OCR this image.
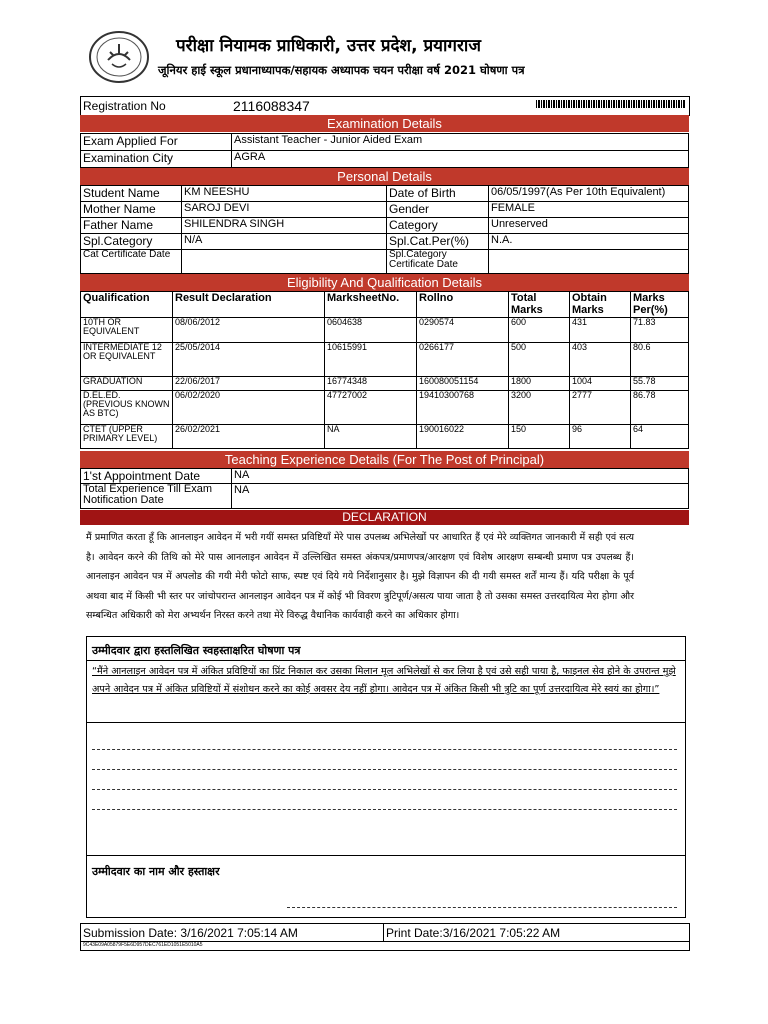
परीक्षा नियामक प्राधिकारी, उत्तर प्रदेश, प्रयागराज
जूनियर हाई स्कूल प्रधानाध्यापक/सहायक अध्यापक चयन परीक्षा वर्ष 2021 घोषणा पत्र
Registration No	2116088347
Examination Details
Exam Applied For	Assistant Teacher - Junior Aided Exam
Examination City	AGRA
Personal Details
Student Name	KM NEESHU	Date of Birth	06/05/1997(As Per 10th Equivalent)
Mother Name	SAROJ DEVI	Gender	FEMALE
Father Name	SHILENDRA SINGH	Category	Unreserved
Spl.Category	N/A	Spl.Cat.Per(%)	N.A.
Cat Certificate Date		Spl.Category Certificate Date	
Eligibility And Qualification Details
Qualification	Result Declaration	MarksheetNo.	Rollno	Total Marks	Obtain Marks	Marks Per(%)
10TH OR EQUIVALENT	08/06/2012	0604638	0290574	600	431	71.83
INTERMEDIATE 12 OR EQUIVALENT	25/05/2014	10615991	0266177	500	403	80.6
GRADUATION	22/06/2017	16774348	160080051154	1800	1004	55.78
D.EL.ED. (PREVIOUS KNOWN AS BTC)	06/02/2020	47727002	19410300768	3200	2777	86.78
CTET (UPPER PRIMARY LEVEL)	26/02/2021	NA	190016022	150	96	64
Teaching Experience Details (For The Post of Principal)
1'st Appointment Date	NA
Total Experience Till Exam Notification Date	NA
DECLARATION
मैं प्रमाणित करता हूँ कि आनलाइन आवेदन में भरी गयीं समस्त प्रविष्टियाँ मेरे पास उपलब्ध अभिलेखों पर आधारित हैं एवं मेरे व्यक्तिगत जानकारी में सही एवं सत्य है। आवेदन करने की तिथि को मेरे पास आनलाइन आवेदन में उल्लिखित समस्त अंकपत्र/प्रमाणपत्र/आरक्षण एवं विशेष आरक्षण सम्बन्धी प्रमाण पत्र उपलब्ध हैं। आनलाइन आवेदन पत्र में अपलोड की गयी मेरी फोटो साफ, स्पष्ट एवं दिये गये निर्देशानुसार है। मुझे विज्ञापन की दी गयी समस्त शर्तें मान्य हैं। यदि परीक्षा के पूर्व अथवा बाद में किसी भी स्तर पर जांचोपरान्त आनलाइन आवेदन पत्र में कोई भी विवरण त्रुटिपूर्ण/असत्य पाया जाता है तो उसका समस्त उत्तरदायित्व मेरा होगा और सम्बन्धित अधिकारी को मेरा अभ्यर्थन निरस्त करने तथा मेरे विरुद्ध वैधानिक कार्यवाही करने का अधिकार होगा।
उम्मीदवार द्वारा हस्तलिखित स्वहस्ताक्षरित घोषणा पत्र
“मैंने आनलाइन आवेदन पत्र में अंकित प्रविष्टियों का प्रिंट निकाल कर उसका मिलान मूल अभिलेखों से कर लिया है एवं उसे सही पाया है, फाइनल सेव होने के उपरान्त मुझे अपने आवेदन पत्र में अंकित प्रविष्टियों में संशोधन करने का कोई अवसर देय नहीं होगा। आवेदन पत्र में अंकित किसी भी त्रुटि का पूर्ण उत्तरदायित्व मेरे स्वयं का होगा।”
उम्मीदवार का नाम और हस्ताक्षर
Submission Date: 3/16/2021 7:05:14 AM	Print Date:3/16/2021 7:05:22 AM
9C43E09A05879F5E6D957DEC761ED1051E5010A5
